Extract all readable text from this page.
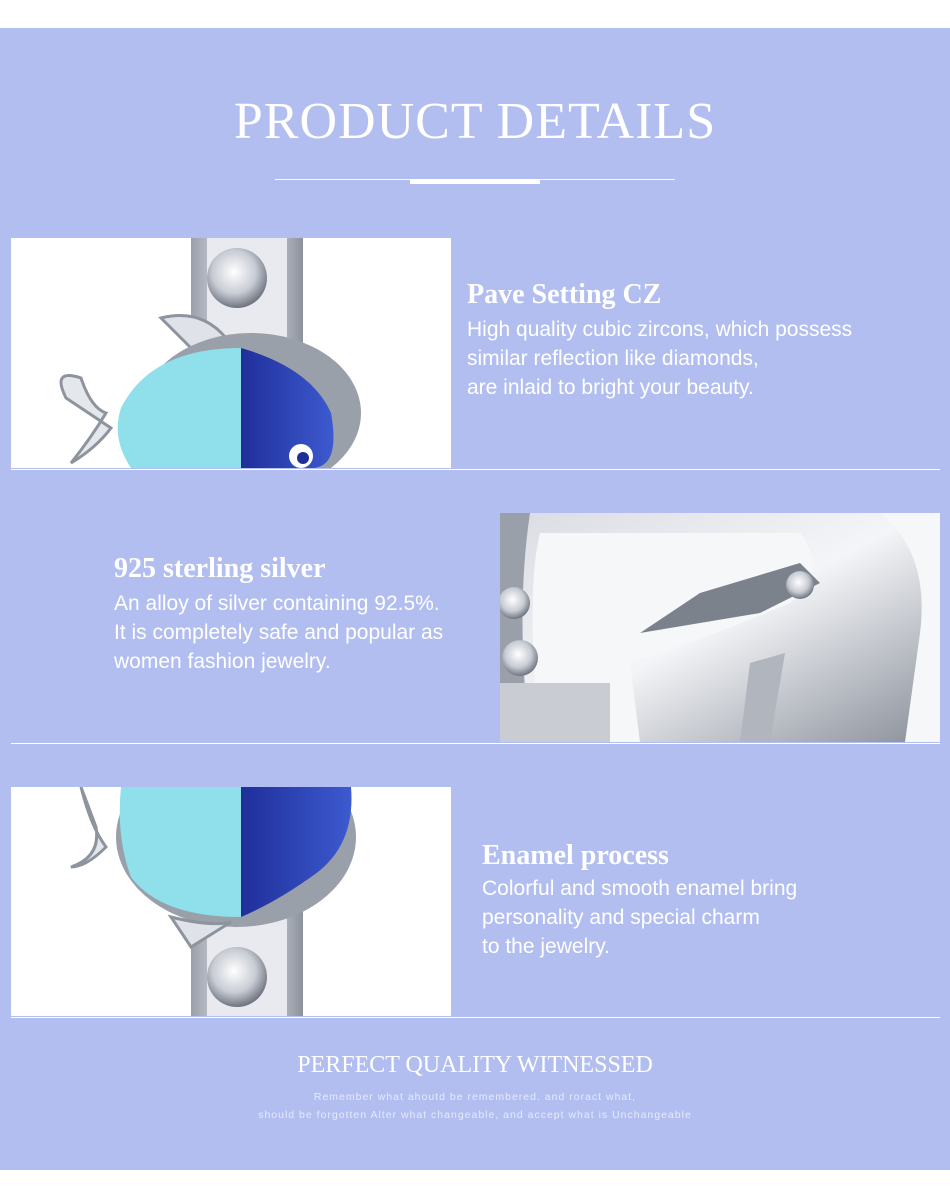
PRODUCT DETAILS
Pave Setting CZ
High quality cubic zircons, which possess
similar reflection like diamonds,
are inlaid to bright your beauty.
925 sterling silver
An alloy of silver containing 92.5%.
It is completely safe and popular as
women fashion jewelry.
Enamel process
Colorful and smooth enamel bring
personality and special charm
to the jewelry.
PERFECT QUALITY WITNESSED
Remember what ahoutd be remembered. and roract what,
should be forgotten Alter what changeable, and accept what is Unchangeable
